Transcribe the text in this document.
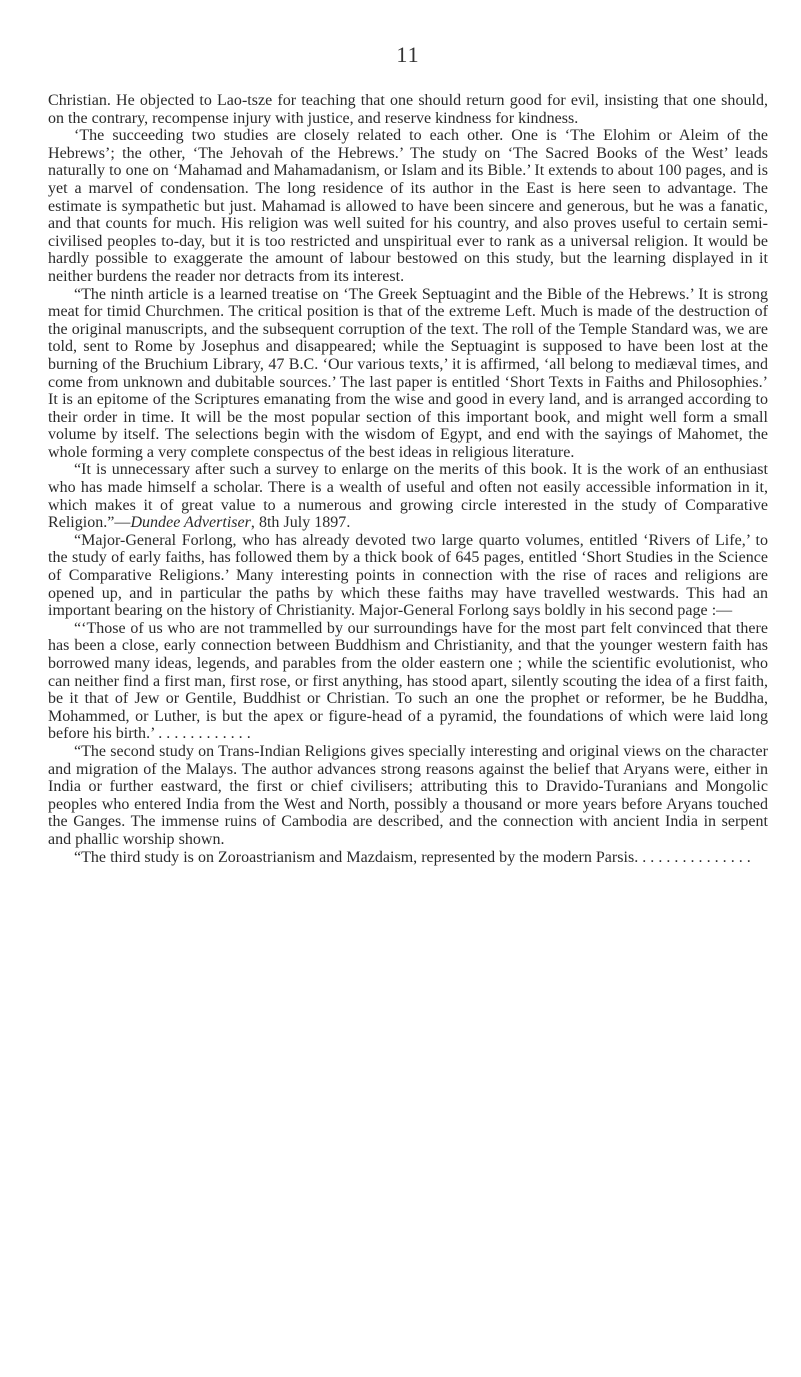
11

Christian. He objected to Lao-tsze for teaching that one should return good for evil, insisting that one should, on the contrary, recompense injury with justice, and reserve kindness for kindness.

‘The succeeding two studies are closely related to each other. One is ‘The Elohim or Aleim of the Hebrews’; the other, ‘The Jehovah of the Hebrews.’ The study on ‘The Sacred Books of the West’ leads naturally to one on ‘Mahamad and Mahamadanism, or Islam and its Bible.’ It extends to about 100 pages, and is yet a marvel of condensation. The long residence of its author in the East is here seen to advantage. The estimate is sympathetic but just. Mahamad is allowed to have been sincere and generous, but he was a fanatic, and that counts for much. His religion was well suited for his country, and also proves useful to certain semi-civilised peoples to-day, but it is too restricted and unspiritual ever to rank as a universal religion. It would be hardly possible to exaggerate the amount of labour bestowed on this study, but the learning displayed in it neither burdens the reader nor detracts from its interest.

“The ninth article is a learned treatise on ‘The Greek Septuagint and the Bible of the Hebrews.’ It is strong meat for timid Churchmen. The critical position is that of the extreme Left. Much is made of the destruction of the original manuscripts, and the subsequent corruption of the text. The roll of the Temple Standard was, we are told, sent to Rome by Josephus and disappeared; while the Septuagint is supposed to have been lost at the burning of the Bruchium Library, 47 B.C. ‘Our various texts,’ it is affirmed, ‘all belong to mediæval times, and come from unknown and dubitable sources.’ The last paper is entitled ‘Short Texts in Faiths and Philosophies.’ It is an epitome of the Scriptures emanating from the wise and good in every land, and is arranged according to their order in time. It will be the most popular section of this important book, and might well form a small volume by itself. The selections begin with the wisdom of Egypt, and end with the sayings of Mahomet, the whole forming a very complete conspectus of the best ideas in religious literature.

“It is unnecessary after such a survey to enlarge on the merits of this book. It is the work of an enthusiast who has made himself a scholar. There is a wealth of useful and often not easily accessible information in it, which makes it of great value to a numerous and growing circle interested in the study of Comparative Religion.”—Dundee Advertiser, 8th July 1897.

“Major-General Forlong, who has already devoted two large quarto volumes, entitled ‘Rivers of Life,’ to the study of early faiths, has followed them by a thick book of 645 pages, entitled ‘Short Studies in the Science of Comparative Religions.’ Many interesting points in connection with the rise of races and religions are opened up, and in particular the paths by which these faiths may have travelled westwards. This had an important bearing on the history of Christianity. Major-General Forlong says boldly in his second page :—

“‘Those of us who are not trammelled by our surroundings have for the most part felt convinced that there has been a close, early connection between Buddhism and Christianity, and that the younger western faith has borrowed many ideas, legends, and parables from the older eastern one ; while the scientific evolutionist, who can neither find a first man, first rose, or first anything, has stood apart, silently scouting the idea of a first faith, be it that of Jew or Gentile, Buddhist or Christian. To such an one the prophet or reformer, be he Buddha, Mohammed, or Luther, is but the apex or figure-head of a pyramid, the foundations of which were laid long before his birth.’ . . . . . . . . . . . .

“The second study on Trans-Indian Religions gives specially interesting and original views on the character and migration of the Malays. The author advances strong reasons against the belief that Aryans were, either in India or further eastward, the first or chief civilisers; attributing this to Dravido-Turanians and Mongolic peoples who entered India from the West and North, possibly a thousand or more years before Aryans touched the Ganges. The immense ruins of Cambodia are described, and the connection with ancient India in serpent and phallic worship shown.

“The third study is on Zoroastrianism and Mazdaism, represented by the modern Parsis. . . . . . . . . . . . . . .
